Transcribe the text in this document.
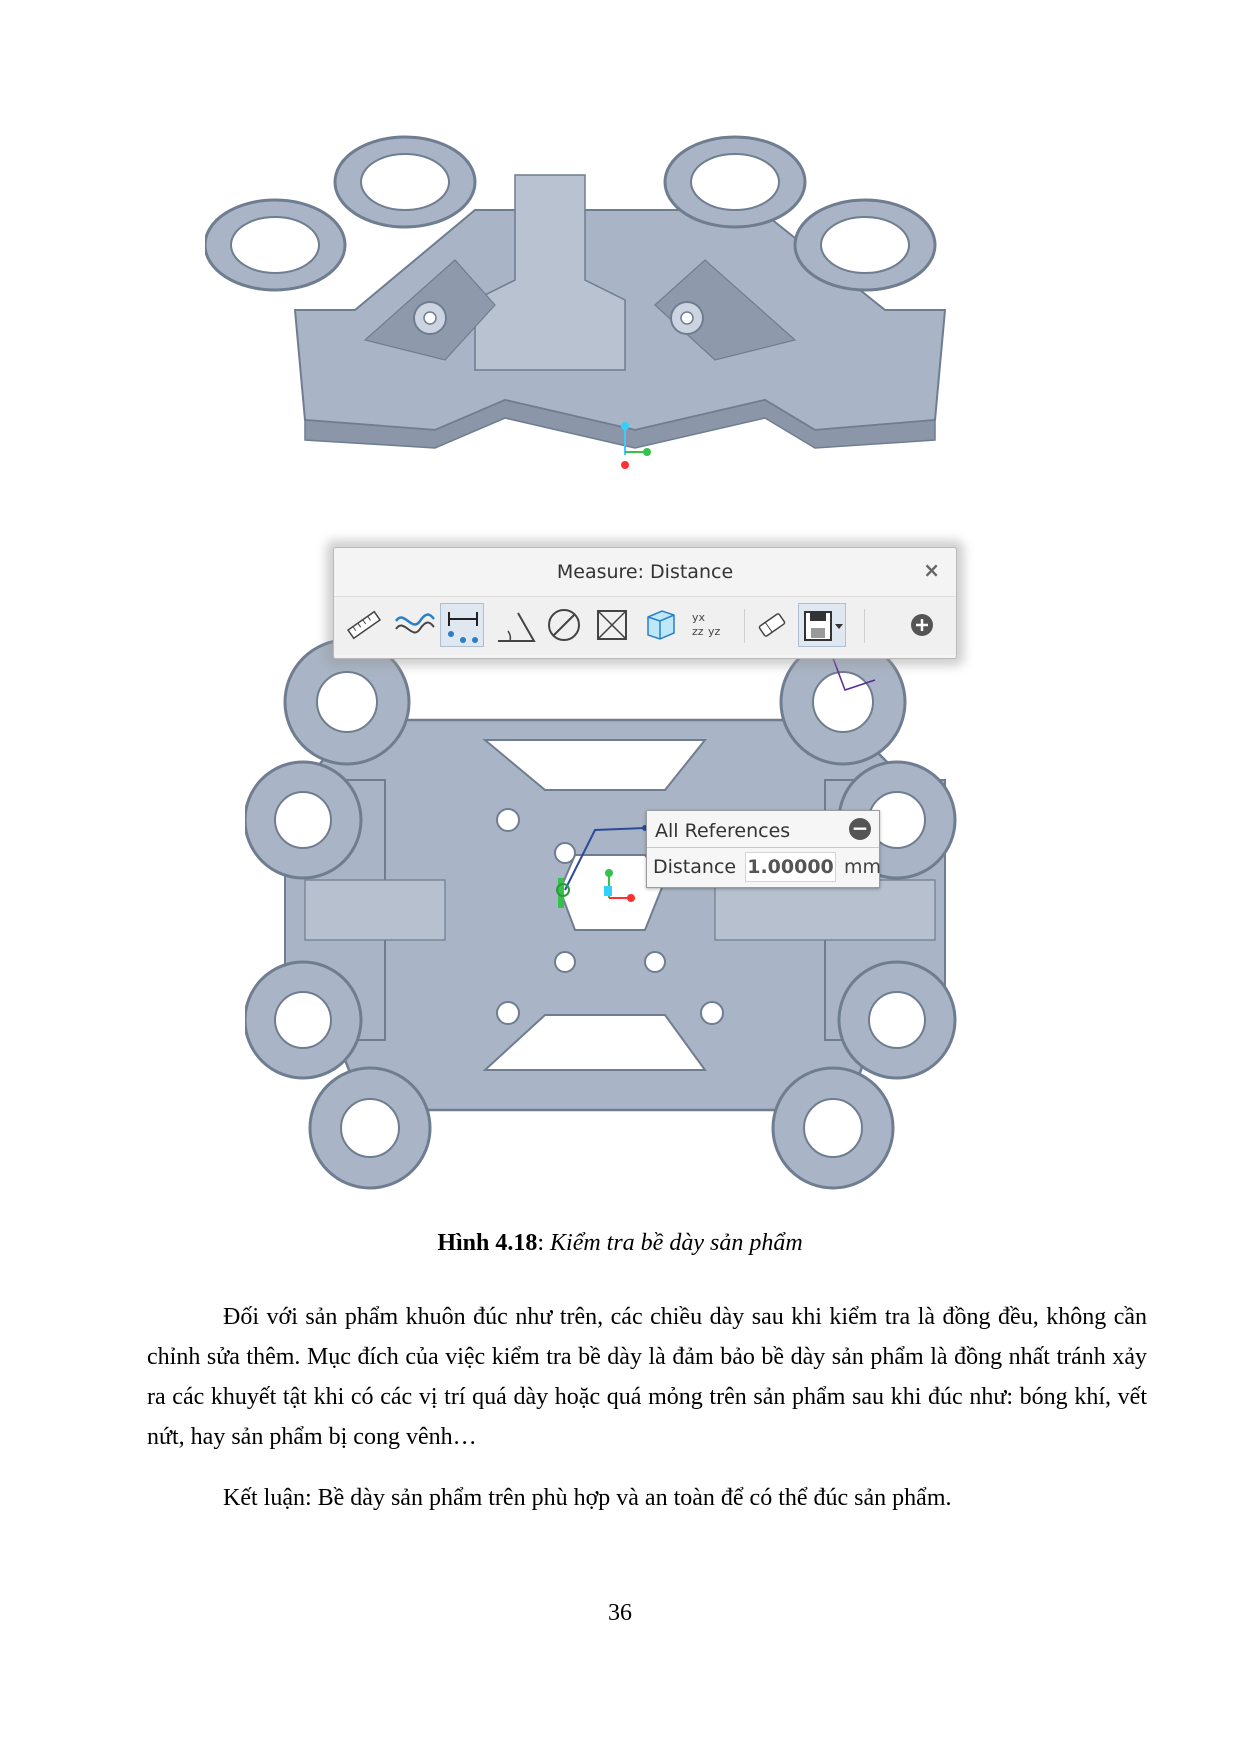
Measure: Distance	×
yx
zz yz
All References	−
Distance 1.00000 mm
Hình 4.18: Kiểm tra bề dày sản phẩm

Đối với sản phẩm khuôn đúc như trên, các chiều dày sau khi kiểm tra là đồng đều, không cần chỉnh sửa thêm. Mục đích của việc kiểm tra bề dày là đảm bảo bề dày sản phẩm là đồng nhất tránh xảy ra các khuyết tật khi có các vị trí quá dày hoặc quá mỏng trên sản phẩm sau khi đúc như: bóng khí, vết nứt, hay sản phẩm bị cong vênh…

Kết luận: Bề dày sản phẩm trên phù hợp và an toàn để có thể đúc sản phẩm.

36
